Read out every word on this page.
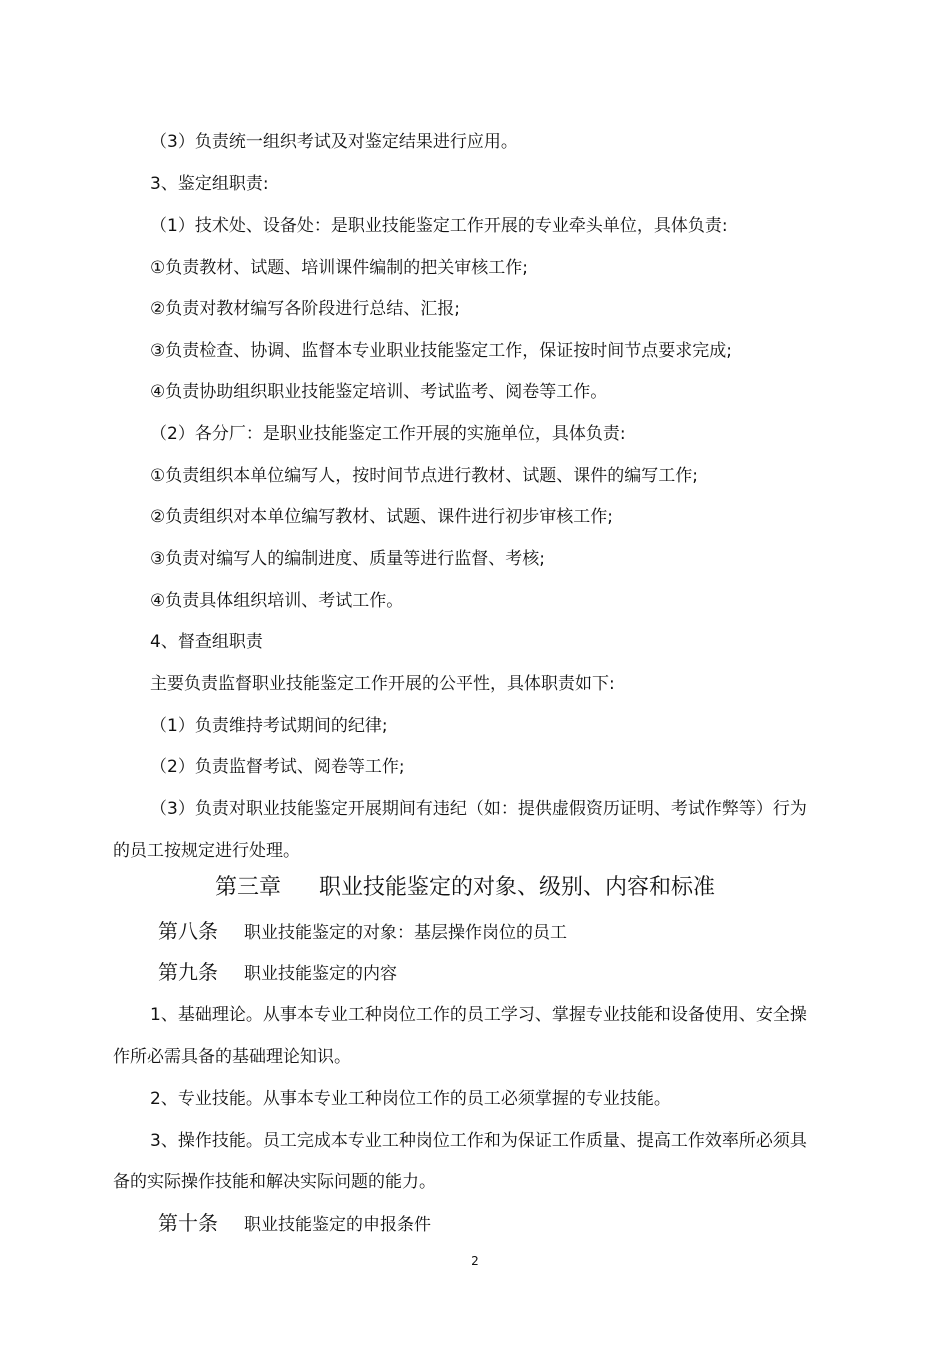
（3）负责统一组织考试及对鉴定结果进行应用。
3、鉴定组职责:
（1）技术处、设备处：是职业技能鉴定工作开展的专业牵头单位，具体负责:
①负责教材、试题、培训课件编制的把关审核工作;
②负责对教材编写各阶段进行总结、汇报;
③负责检查、协调、监督本专业职业技能鉴定工作，保证按时间节点要求完成;
④负责协助组织职业技能鉴定培训、考试监考、阅卷等工作。
（2）各分厂：是职业技能鉴定工作开展的实施单位，具体负责:
①负责组织本单位编写人，按时间节点进行教材、试题、课件的编写工作;
②负责组织对本单位编写教材、试题、课件进行初步审核工作;
③负责对编写人的编制进度、质量等进行监督、考核;
④负责具体组织培训、考试工作。
4、督查组职责
主要负责监督职业技能鉴定工作开展的公平性，具体职责如下:
（1）负责维持考试期间的纪律;
（2）负责监督考试、阅卷等工作;
（3）负责对职业技能鉴定开展期间有违纪（如：提供虚假资历证明、考试作弊等）行为
的员工按规定进行处理。
第三章 职业技能鉴定的对象、级别、内容和标准
第八条 职业技能鉴定的对象：基层操作岗位的员工
第九条 职业技能鉴定的内容
1、基础理论。从事本专业工种岗位工作的员工学习、掌握专业技能和设备使用、安全操
作所必需具备的基础理论知识。
2、专业技能。从事本专业工种岗位工作的员工必须掌握的专业技能。
3、操作技能。员工完成本专业工种岗位工作和为保证工作质量、提高工作效率所必须具
备的实际操作技能和解决实际问题的能力。
第十条 职业技能鉴定的申报条件
2
